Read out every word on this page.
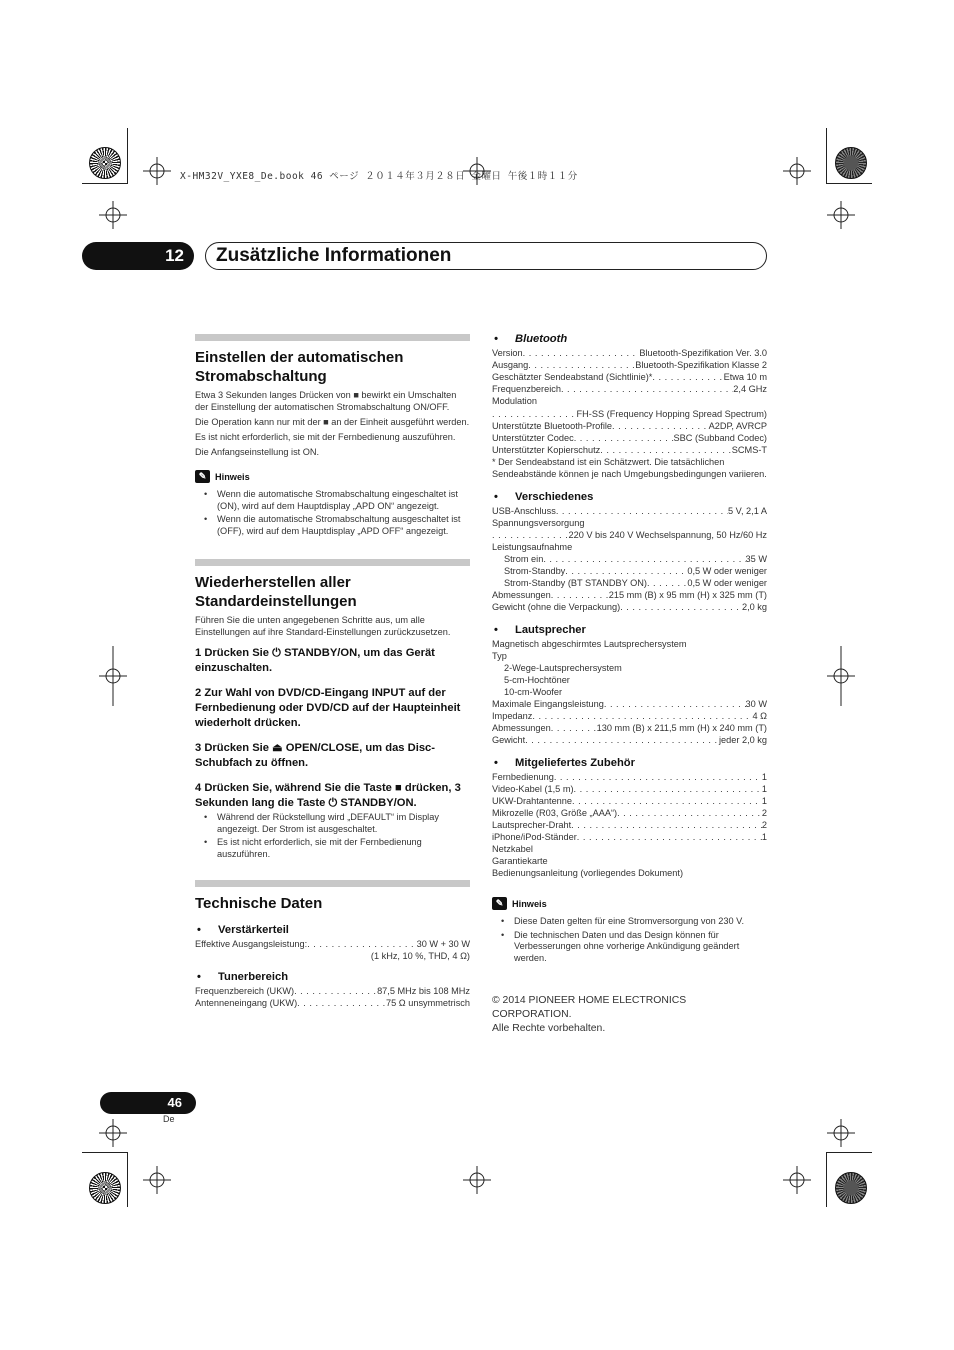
X-HM32V_YXE8_De.book 46 ページ ２０１４年３月２８日 金曜日 午後１時１１分
12	Zusätzliche Informationen
Einstellen der automatischen Stromabschaltung

Etwa 3 Sekunden langes Drücken von ■ bewirkt ein Umschalten der Einstellung der automatischen Stromabschaltung ON/OFF.

Die Operation kann nur mit der ■ an der Einheit ausgeführt werden.

Es ist nicht erforderlich, sie mit der Fernbedienung auszuführen.

Die Anfangseinstellung ist ON.

✎ Hinweis
• Wenn die automatische Stromabschaltung eingeschaltet ist (ON), wird auf dem Hauptdisplay „APD ON“ angezeigt.
• Wenn die automatische Stromabschaltung ausgeschaltet ist (OFF), wird auf dem Hauptdisplay „APD OFF“ angezeigt.
Wiederherstellen aller Standardeinstellungen

Führen Sie die unten angegebenen Schritte aus, um alle Einstellungen auf ihre Standard-Einstellungen zurückzusetzen.

1 Drücken Sie ⏻ STANDBY/ON, um das Gerät einzuschalten.

2 Zur Wahl von DVD/CD-Eingang INPUT auf der Fernbedienung oder DVD/CD auf der Haupteinheit wiederholt drücken.

3 Drücken Sie ⏏ OPEN/CLOSE, um das Disc-Schubfach zu öffnen.

4 Drücken Sie, während Sie die Taste ■ drücken, 3 Sekunden lang die Taste ⏻ STANDBY/ON.

• Während der Rückstellung wird „DEFAULT“ im Display angezeigt. Der Strom ist ausgeschaltet.
• Es ist nicht erforderlich, sie mit der Fernbedienung auszuführen.
Technische Daten
• Verstärkerteil
Effektive Ausgangsleistung: . . .	30 W + 30 W
(1 kHz, 10 %, THD, 4 Ω)
• Tunerbereich
Frequenzbereich (UKW) . . .	87,5 MHz bis 108 MHz
Antenneneingang (UKW) . . .	75 Ω unsymmetrisch
• Bluetooth
Version . . .	Bluetooth-Spezifikation Ver. 3.0
Ausgang . . .	Bluetooth-Spezifikation Klasse 2
Geschätzter Sendeabstand (Sichtlinie)* . . .	Etwa 10 m
Frequenzbereich . . .	2,4 GHz
Modulation
. . .
FH-SS (Frequency Hopping Spread Spectrum)
Unterstützte Bluetooth-Profile . . .	A2DP, AVRCP
Unterstützter Codec . . .	SBC (Subband Codec)
Unterstützter Kopierschutz . . .	SCMS-T

* Der Sendeabstand ist ein Schätzwert. Die tatsächlichen Sendeabstände können je nach Umgebungsbedingungen variieren.

• Verschiedenes
USB-Anschluss . . .	5 V, 2,1 A
Spannungsversorgung
. . .
220 V bis 240 V Wechselspannung, 50 Hz/60 Hz
Leistungsaufnahme
Strom ein . . .	35 W
Strom-Standby . . .	0,5 W oder weniger
Strom-Standby (BT STANDBY ON) . . .	0,5 W oder weniger
Abmessungen . . .	215 mm (B) x 95 mm (H) x 325 mm (T)
Gewicht (ohne die Verpackung) . . .	2,0 kg
• Lautsprecher
Magnetisch abgeschirmtes Lautsprechersystem
Typ
2-Wege-Lautsprechersystem
5-cm-Hochtöner
10-cm-Woofer
Maximale Eingangsleistung . . .	30 W
Impedanz . . .	4 Ω
Abmessungen . . .	130 mm (B) x 211,5 mm (H) x 240 mm (T)
Gewicht . . .	jeder 2,0 kg
• Mitgeliefertes Zubehör
Fernbedienung . . .	1
Video-Kabel (1,5 m) . . .	1
UKW-Drahtantenne . . .	1
Mikrozelle (R03, Größe „AAA“) . . .	2
Lautsprecher-Draht . . .	2
iPhone/iPod-Ständer . . .	1
Netzkabel
Garantiekarte
Bedienungsanleitung (vorliegendes Dokument)
✎ Hinweis
• Diese Daten gelten für eine Stromversorgung von 230 V.
• Die technischen Daten und das Design können für Verbesserungen ohne vorherige Ankündigung geändert werden.
© 2014 PIONEER HOME ELECTRONICS CORPORATION.
Alle Rechte vorbehalten.
46
De
